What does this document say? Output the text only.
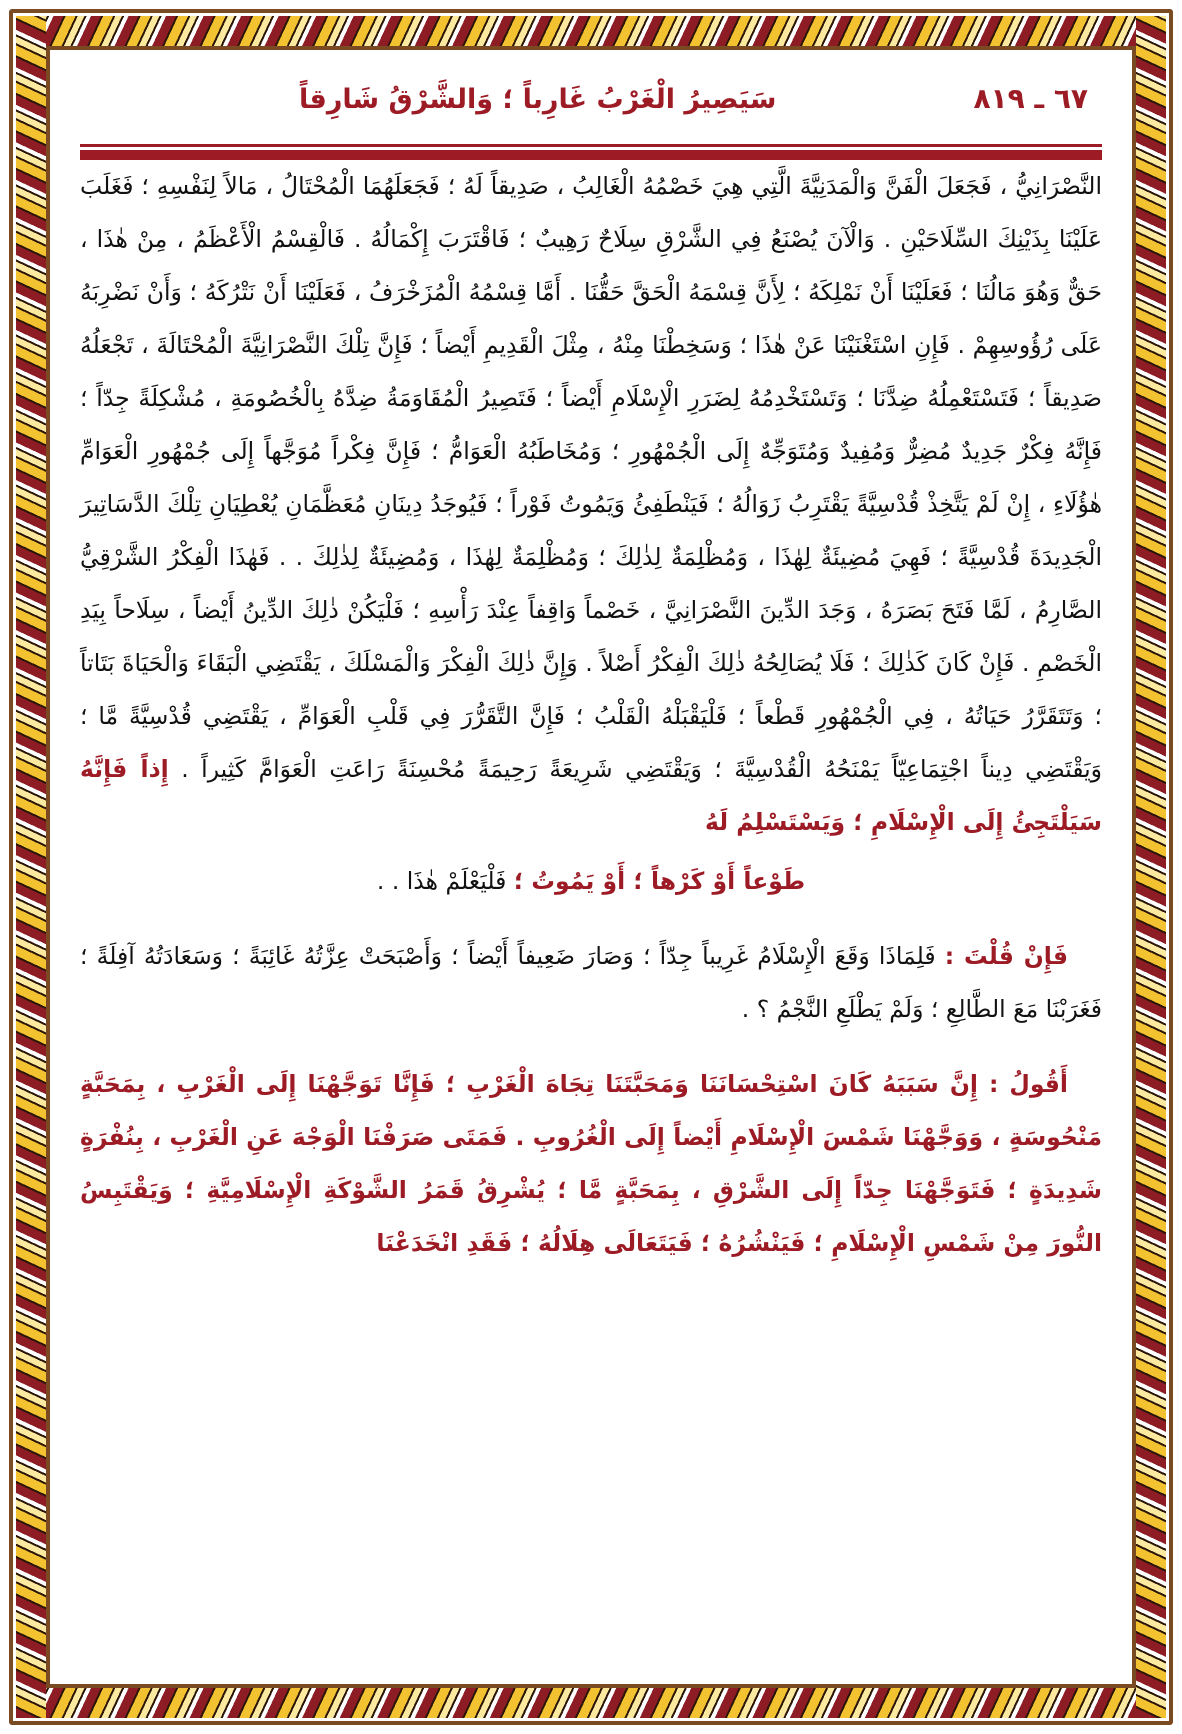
سَيَصِيرُ الْغَرْبُ غَارِباً ؛ وَالشَّرْقُ شَارِقاً	٦٧ ـ ٨١٩

النَّصْرَانِيُّ ، فَجَعَلَ الْفَنَّ وَالْمَدَنِيَّةَ الَّتِي هِيَ خَصْمُهُ الْغَالِبُ ، صَدِيقاً لَهُ ؛ فَجَعَلَهُمَا الْمُحْتَالُ ، مَالاً لِنَفْسِهِ ؛ فَغَلَبَ عَلَيْنَا بِذَيْنِكَ السِّلَاحَيْنِ . وَالْآنَ يُصْنَعُ فِي الشَّرْقِ سِلَاحٌ رَهِيبٌ ؛ فَاقْتَرَبَ إِكْمَالُهُ . فَالْقِسْمُ الْأَعْظَمُ ، مِنْ هٰذَا ، حَقٌّ وَهُوَ مَالُنَا ؛ فَعَلَيْنَا أَنْ نَمْلِكَهُ ؛ لِأَنَّ قِسْمَهُ الْحَقَّ حَقُّنَا . أَمَّا قِسْمُهُ الْمُزَخْرَفُ ، فَعَلَيْنَا أَنْ نَتْرُكَهُ ؛ وَأَنْ نَضْرِبَهُ عَلَى رُؤُوسِهِمْ . فَإِنِ اسْتَغْنَيْنَا عَنْ هٰذَا ؛ وَسَخِطْنَا مِنْهُ ، مِثْلَ الْقَدِيمِ أَيْضاً ؛ فَإِنَّ تِلْكَ النَّصْرَانِيَّةَ الْمُحْتَالَةَ ، تَجْعَلُهُ صَدِيقاً ؛ فَتَسْتَعْمِلُهُ ضِدَّنَا ؛ وَتَسْتَخْدِمُهُ لِضَرَرِ الْإِسْلَامِ أَيْضاً ؛ فَتَصِيرُ الْمُقَاوَمَةُ ضِدَّهُ بِالْخُصُومَةِ ، مُشْكِلَةً جِدّاً ؛ فَإِنَّهُ فِكْرٌ جَدِيدٌ مُضِرٌّ وَمُفِيدٌ وَمُتَوَجِّهٌ إِلَى الْجُمْهُورِ ؛ وَمُخَاطَبُهُ الْعَوَامُّ ؛ فَإِنَّ فِكْراً مُوَجَّهاً إِلَى جُمْهُورِ الْعَوَامِّ هٰؤُلَاءِ ، إِنْ لَمْ يَتَّخِذْ قُدْسِيَّةً يَقْتَرِبُ زَوَالُهُ ؛ فَيَنْطَفِئُ وَيَمُوتُ فَوْراً ؛ فَيُوجَدُ دِينَانِ مُعَظَّمَانِ يُعْطِيَانِ تِلْكَ الدَّسَاتِيرَ الْجَدِيدَةَ قُدْسِيَّةً ؛ فَهِيَ مُضِيئَةٌ لِهٰذَا ، وَمُظْلِمَةٌ لِذٰلِكَ ؛ وَمُظْلِمَةٌ لِهٰذَا ، وَمُضِيئَةٌ لِذٰلِكَ . . فَهٰذَا الْفِكْرُ الشَّرْقِيُّ الصَّارِمُ ، لَمَّا فَتَحَ بَصَرَهُ ، وَجَدَ الدِّينَ النَّصْرَانِيَّ ، خَصْماً وَاقِفاً عِنْدَ رَأْسِهِ ؛ فَلْيَكُنْ ذٰلِكَ الدِّينُ أَيْضاً ، سِلَاحاً بِيَدِ الْخَصْمِ . فَإِنْ كَانَ كَذٰلِكَ ؛ فَلَا يُصَالِحُهُ ذٰلِكَ الْفِكْرُ أَصْلاً . وَإِنَّ ذٰلِكَ الْفِكْرَ وَالْمَسْلَكَ ، يَقْتَضِي الْبَقَاءَ وَالْحَيَاةَ بَتَاتاً ؛ وَتَتَقَرَّرُ حَيَاتُهُ ، فِي الْجُمْهُورِ قَطْعاً ؛ فَلْيَقْبَلْهُ الْقَلْبُ ؛ فَإِنَّ التَّقَرُّرَ فِي قَلْبِ الْعَوَامِّ ، يَقْتَضِي قُدْسِيَّةً مَّا ؛ وَيَقْتَضِي دِيناً اجْتِمَاعِيّاً يَمْنَحُهُ الْقُدْسِيَّةَ ؛ وَيَقْتَضِي شَرِيعَةً رَحِيمَةً مُحْسِنَةً رَاعَتِ الْعَوَامَّ كَثِيراً . إِذاً فَإِنَّهُ سَيَلْتَجِئُ إِلَى الْإِسْلَامِ ؛ وَيَسْتَسْلِمُ لَهُ

طَوْعاً أَوْ كَرْهاً ؛ أَوْ يَمُوتُ ؛ فَلْيَعْلَمْ هٰذَا . .

فَإِنْ قُلْتَ : فَلِمَاذَا وَقَعَ الْإِسْلَامُ غَرِيباً جِدّاً ؛ وَصَارَ ضَعِيفاً أَيْضاً ؛ وَأَصْبَحَتْ عِزَّتُهُ غَائِبَةً ؛ وَسَعَادَتُهُ آفِلَةً ؛ فَغَرَبْنَا مَعَ الطَّالِعِ ؛ وَلَمْ يَطْلَعِ النَّجْمُ ؟ .

أَقُولُ : إِنَّ سَبَبَهُ كَانَ اسْتِحْسَانَنَا وَمَحَبَّتَنَا تِجَاهَ الْغَرْبِ ؛ فَإِنَّا تَوَجَّهْنَا إِلَى الْغَرْبِ ، بِمَحَبَّةٍ مَنْحُوسَةٍ ، وَوَجَّهْنَا شَمْسَ الْإِسْلَامِ أَيْضاً إِلَى الْغُرُوبِ . فَمَتَى صَرَفْنَا الْوَجْهَ عَنِ الْغَرْبِ ، بِنُفْرَةٍ شَدِيدَةٍ ؛ فَتَوَجَّهْنَا جِدّاً إِلَى الشَّرْقِ ، بِمَحَبَّةٍ مَّا ؛ يُشْرِقُ قَمَرُ الشَّوْكَةِ الْإِسْلَامِيَّةِ ؛ وَيَقْتَبِسُ النُّورَ مِنْ شَمْسِ الْإِسْلَامِ ؛ فَيَنْشُرُهُ ؛ فَيَتَعَالَى هِلَالُهُ ؛ فَقَدِ انْخَدَعْنَا
